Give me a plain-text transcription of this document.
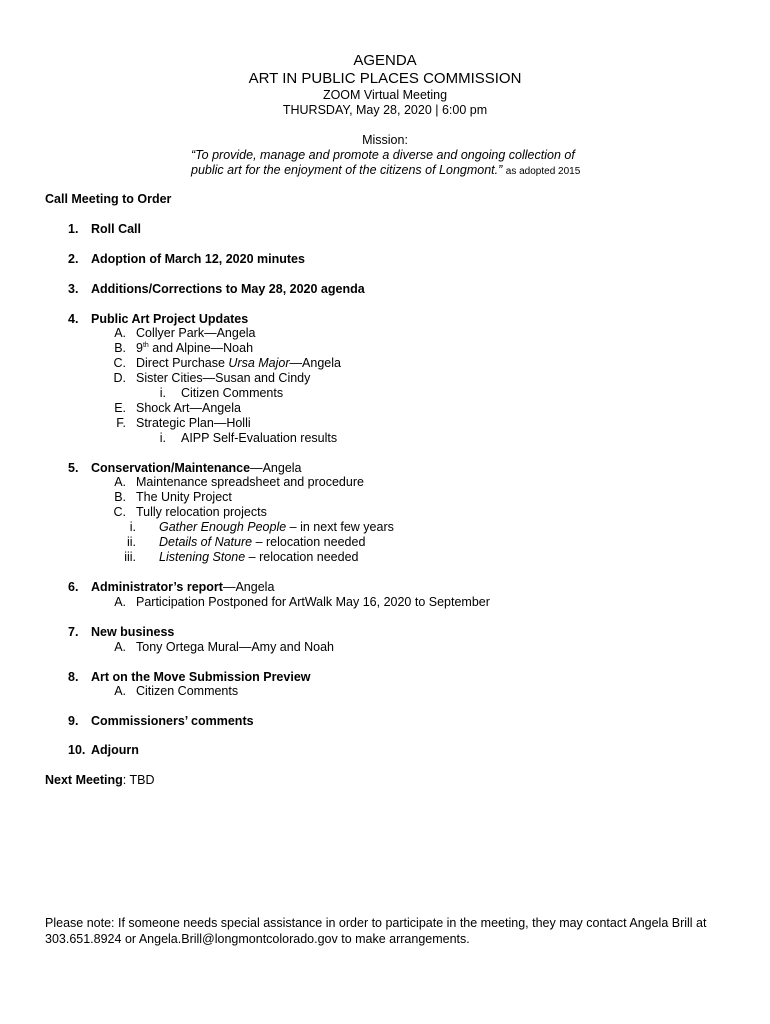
AGENDA
ART IN PUBLIC PLACES COMMISSION
ZOOM Virtual Meeting
THURSDAY, May 28, 2020 | 6:00 pm
Mission:
“To provide, manage and promote a diverse and ongoing collection of
public art for the enjoyment of the citizens of Longmont.” as adopted 2015
Call Meeting to Order
1. Roll Call
2. Adoption of March 12, 2020 minutes
3. Additions/Corrections to May 28, 2020 agenda
4. Public Art Project Updates
A. Collyer Park—Angela
B. 9th and Alpine—Noah
C. Direct Purchase Ursa Major—Angela
D. Sister Cities—Susan and Cindy
i. Citizen Comments
E. Shock Art—Angela
F. Strategic Plan—Holli
i. AIPP Self-Evaluation results
5. Conservation/Maintenance—Angela
A. Maintenance spreadsheet and procedure
B. The Unity Project
C. Tully relocation projects
i. Gather Enough People – in next few years
ii. Details of Nature – relocation needed
iii. Listening Stone – relocation needed
6. Administrator’s report—Angela
A. Participation Postponed for ArtWalk May 16, 2020 to September
7. New business
A. Tony Ortega Mural—Amy and Noah
8. Art on the Move Submission Preview
A. Citizen Comments
9. Commissioners’ comments
10. Adjourn
Next Meeting: TBD
Please note: If someone needs special assistance in order to participate in the meeting, they may contact Angela Brill at 303.651.8924 or Angela.Brill@longmontcolorado.gov to make arrangements.
